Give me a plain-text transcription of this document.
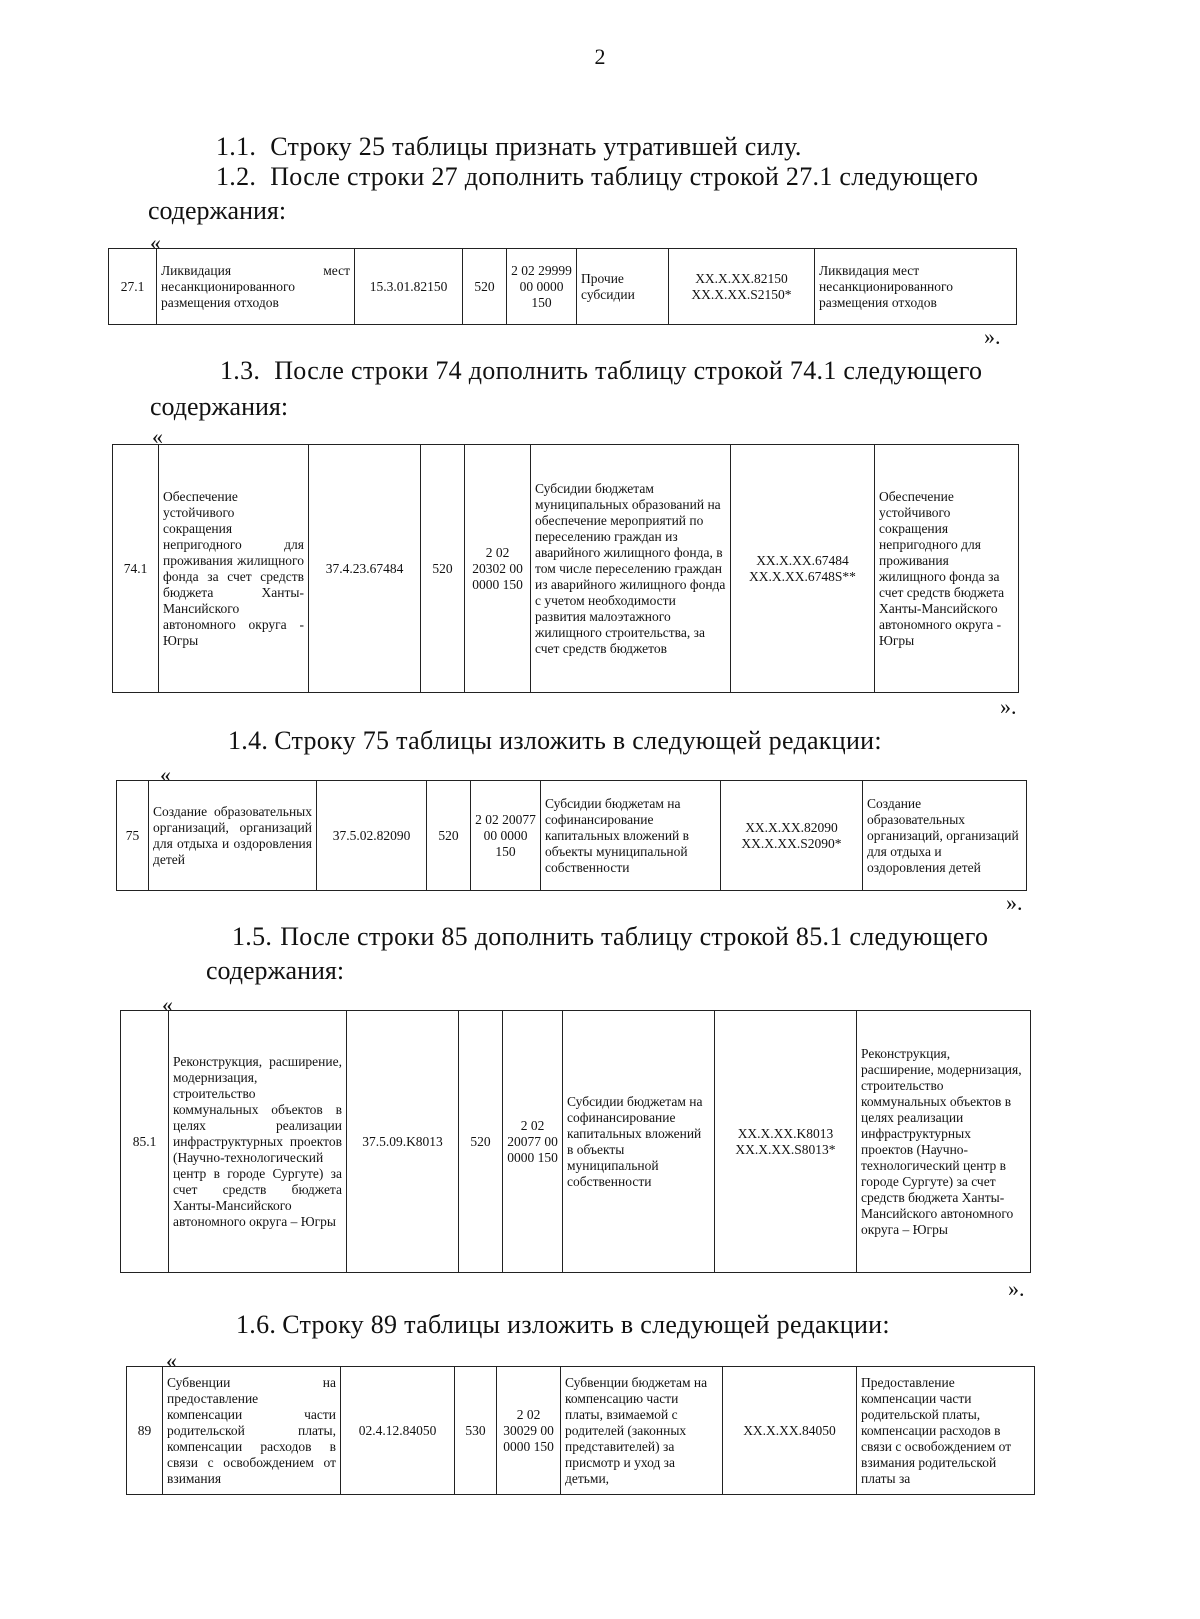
2
1.1. Строку 25 таблицы признать утратившей силу.
1.2. После строки 27 дополнить таблицу строкой 27.1 следующего
содержания:
«
27.1	Ликвидация мест несанкционированного размещения отходов	15.3.01.82150	520	2 02 29999 00 0000 150	Прочие субсидии	XX.X.XX.82150 XX.X.XX.S2150*	Ликвидация мест несанкционированного размещения отходов
».
1.3. После строки 74 дополнить таблицу строкой 74.1 следующего
содержания:
«
74.1	Обеспечение устойчивого сокращения непригодного для проживания жилищного фонда за счет средств бюджета Ханты-Мансийского автономного округа - Югры	37.4.23.67484	520	2 02 20302 00 0000 150	Субсидии бюджетам муниципальных образований на обеспечение мероприятий по переселению граждан из аварийного жилищного фонда, в том числе переселению граждан из аварийного жилищного фонда с учетом необходимости развития малоэтажного жилищного строительства, за счет средств бюджетов	XX.X.XX.67484 XX.X.XX.6748S**	Обеспечение устойчивого сокращения непригодного для проживания жилищного фонда за счет средств бюджета Ханты-Мансийского автономного округа - Югры
».
1.4. Строку 75 таблицы изложить в следующей редакции:
«
75	Создание образовательных организаций, организаций для отдыха и оздоровления детей	37.5.02.82090	520	2 02 20077 00 0000 150	Субсидии бюджетам на софинансирование капитальных вложений в объекты муниципальной собственности	XX.X.XX.82090 XX.X.XX.S2090*	Создание образовательных организаций, организаций для отдыха и оздоровления детей
».
1.5. После строки 85 дополнить таблицу строкой 85.1 следующего
содержания:
«
85.1	Реконструкция, расширение, модернизация, строительство коммунальных объектов в целях реализации инфраструктурных проектов (Научно-технологический центр в городе Сургуте) за счет средств бюджета Ханты-Мансийского автономного округа – Югры	37.5.09.K8013	520	2 02 20077 00 0000 150	Субсидии бюджетам на софинансирование капитальных вложений в объекты муниципальной собственности	XX.X.XX.K8013 XX.X.XX.S8013*	Реконструкция, расширение, модернизация, строительство коммунальных объектов в целях реализации инфраструктурных проектов (Научно-технологический центр в городе Сургуте) за счет средств бюджета Ханты-Мансийского автономного округа – Югры
».
1.6. Строку 89 таблицы изложить в следующей редакции:
«
89	Субвенции на предоставление компенсации части родительской платы, компенсации расходов в связи с освобождением от взимания	02.4.12.84050	530	2 02 30029 00 0000 150	Субвенции бюджетам на компенсацию части платы, взимаемой с родителей (законных представителей) за присмотр и уход за детьми,	XX.X.XX.84050	Предоставление компенсации части родительской платы, компенсации расходов в связи с освобождением от взимания родительской платы за
